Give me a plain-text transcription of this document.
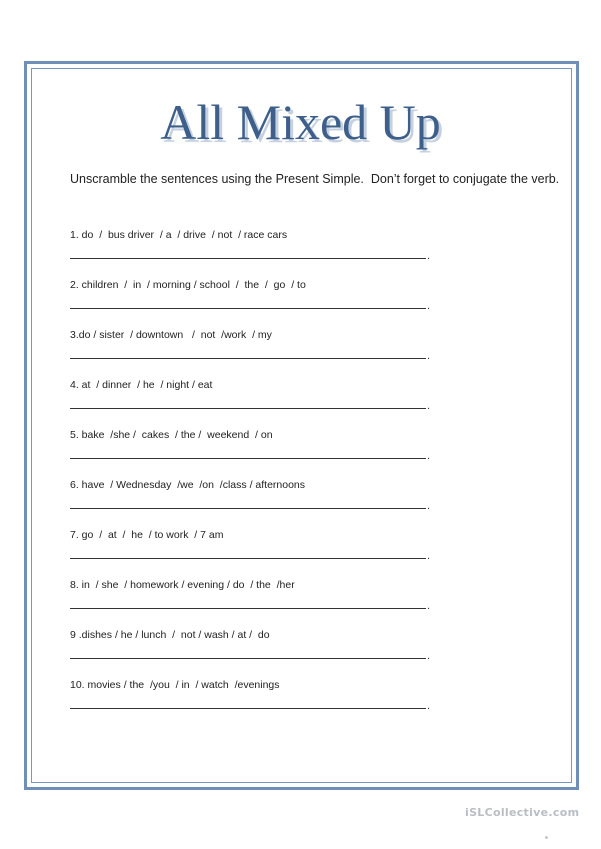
All Mixed Up
Unscramble the sentences using the Present Simple.  Don’t forget to conjugate the verb.
1. do  /  bus driver  / a  / drive  / not  / race cars
.
2. children  /  in  / morning / school  /  the  /  go  / to
.
3.do / sister  / downtown   /  not  /work  / my
.
4. at  / dinner  / he  / night / eat
.
5. bake  /she /  cakes  / the /  weekend  / on
.
6. have  / Wednesday  /we  /on  /class / afternoons
.
7. go  /  at  /  he  / to work  / 7 am
.
8. in  / she  / homework / evening / do  / the  /her
.
9 .dishes / he / lunch  /  not / wash / at /  do
.
10. movies / the  /you  / in  / watch  /evenings
.
iSLCollective.com
